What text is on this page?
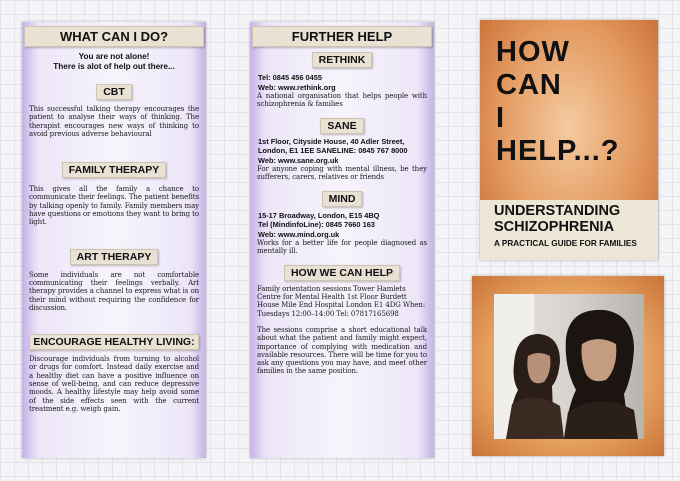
WHAT CAN I DO?
You are not alone!
There is alot of help out there...
CBT
This successful talking therapy encourages the patient to analyse their ways of thinking. The therapist encourages new ways of thinking to avoid previous adverse behavioural
FAMILY THERAPY
This gives all the family a chance to communicate their feelings. The patient benefits by talking openly to family. Family members may have questions or emotions they want to bring to light.
ART THERAPY
Some individuals are not comfortable communicating their feelings verbally. Art therapy provides a channel to express what is on their mind without requiring the confidence for discussion.
ENCOURAGE HEALTHY LIVING:
Discourage individuals from turning to alcohol or drugs for comfort. Instead daily exercise and a healthy diet can have a positive influence on sense of well-being, and can reduce depressive moods. A healthy lifestyle may help avoid some of the side effects seen with the current treatment e.g. weigh gain.
FURTHER HELP
RETHINK
Tel: 0845 456 0455
Web: www.rethink.org
A national organisation that helps people with schizophrenia & families
SANE
1st Floor, Cityside House, 40 Adler Street, London, E1 1EE SANELINE: 0845 767 8000
Web: www.sane.org.uk
For anyone coping with mental illness, be they sufferers, carers, relatives or friends
MIND
15-17 Broadway, London, E15 4BQ
Tel (MindinfoLine): 0845 7660 163
Web: www.mind.org.uk
Works for a better life for people diagnosed as mentally ill.
HOW WE CAN HELP
Family orientation sessions Tower Hamlets Centre for Mental Health 1st Floor Burdett House Mile End Hospital London E1 4DG When: Tuesdays 12:00–14:00 Tel: 07817165698
The sessions comprise a short educational talk about what the patient and family might expect, importance of complying with medication and available resources. There will be time for you to ask any questions you may have, and meet other families in the same position.
HOW
CAN
I
HELP...?
UNDERSTANDING
SCHIZOPHRENIA
A PRACTICAL GUIDE FOR FAMILIES
